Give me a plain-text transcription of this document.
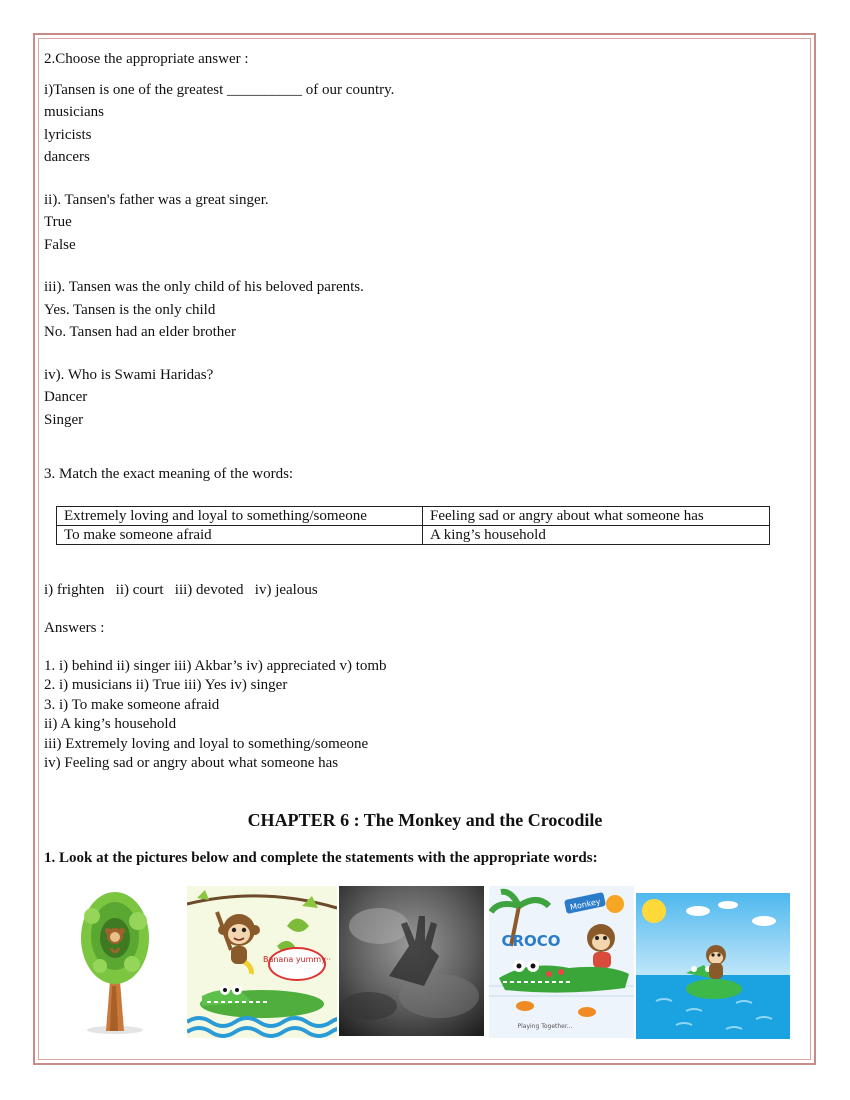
2.Choose the appropriate answer :
i)Tansen is one of the greatest __________ of our country.
musicians
lyricists
dancers
ii). Tansen's father was a great singer.
True
False
iii). Tansen was the only child of his beloved parents.
Yes. Tansen is the only child
No. Tansen had an elder brother
iv). Who is Swami Haridas?
Dancer
Singer
3. Match the exact meaning of the words:
Extremely loving and loyal to something/someone	Feeling sad or angry about what someone has
To make someone afraid	A king’s household
i) frighten   ii) court   iii) devoted   iv) jealous
Answers :
1. i) behind ii) singer iii) Akbar’s iv) appreciated v) tomb
2. i) musicians ii) True iii) Yes iv) singer
3. i) To make someone afraid
ii) A king’s household
iii) Extremely loving and loyal to something/someone
iv) Feeling sad or angry about what someone has
CHAPTER 6 : The Monkey and the Crocodile
1. Look at the pictures below and complete the statements with the appropriate words:
Banana yummy··
Monkey
CROCO
Playing Together...
